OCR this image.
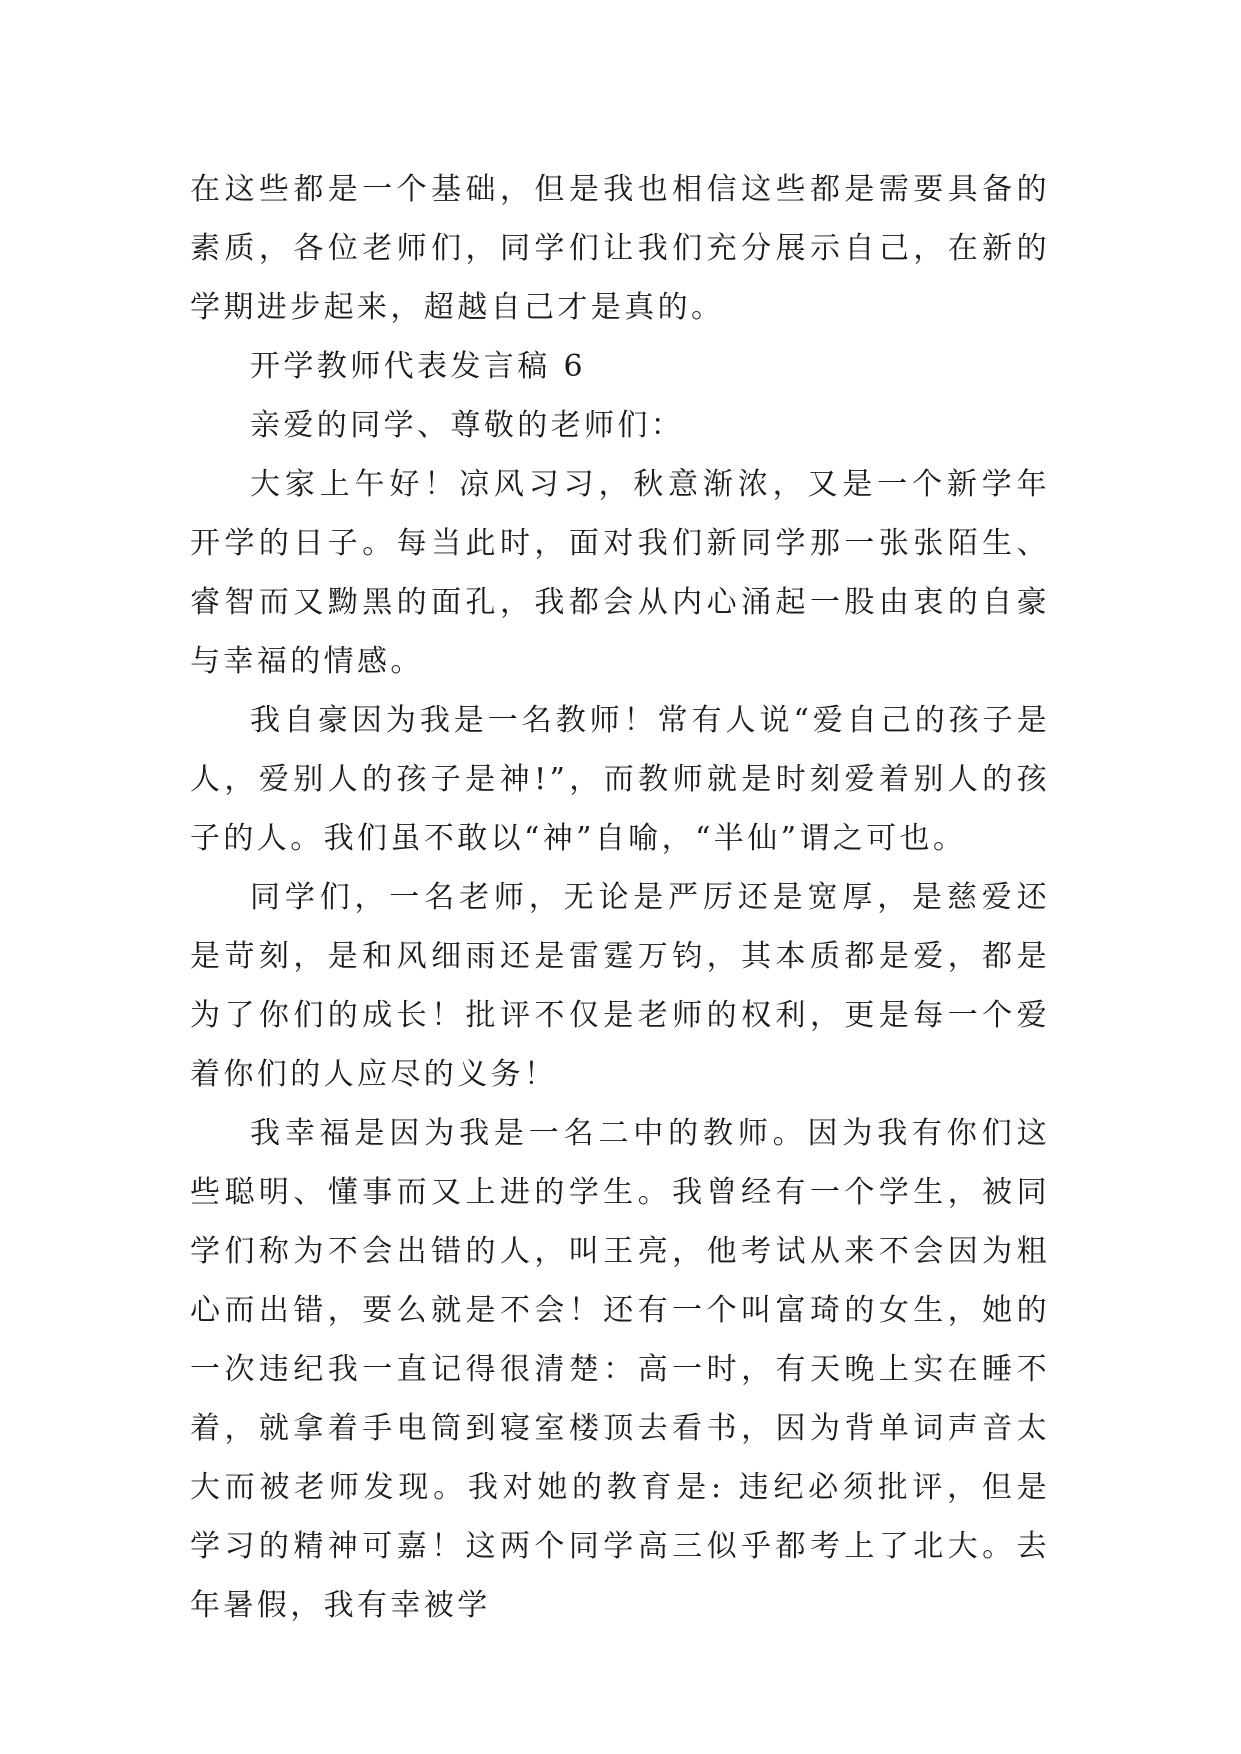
在这些都是一个基础，但是我也相信这些都是需要具备的素质，各位老师们，同学们让我们充分展示自己，在新的学期进步起来，超越自己才是真的。

开学教师代表发言稿 6

亲爱的同学、尊敬的老师们：

大家上午好！凉风习习，秋意渐浓，又是一个新学年开学的日子。每当此时，面对我们新同学那一张张陌生、睿智而又黝黑的面孔，我都会从内心涌起一股由衷的自豪与幸福的情感。

我自豪因为我是一名教师！常有人说“爱自己的孩子是人，爱别人的孩子是神!”，而教师就是时刻爱着别人的孩子的人。我们虽不敢以“神”自喻，“半仙”谓之可也。

同学们，一名老师，无论是严厉还是宽厚，是慈爱还是苛刻，是和风细雨还是雷霆万钧，其本质都是爱，都是为了你们的成长！批评不仅是老师的权利，更是每一个爱着你们的人应尽的义务！

我幸福是因为我是一名二中的教师。因为我有你们这些聪明、懂事而又上进的学生。我曾经有一个学生，被同学们称为不会出错的人，叫王亮，他考试从来不会因为粗心而出错，要么就是不会！还有一个叫富琦的女生，她的一次违纪我一直记得很清楚：高一时，有天晚上实在睡不着，就拿着手电筒到寝室楼顶去看书，因为背单词声音太大而被老师发现。我对她的教育是: 违纪必须批评，但是学习的精神可嘉！这两个同学高三似乎都考上了北大。去年暑假，我有幸被学
